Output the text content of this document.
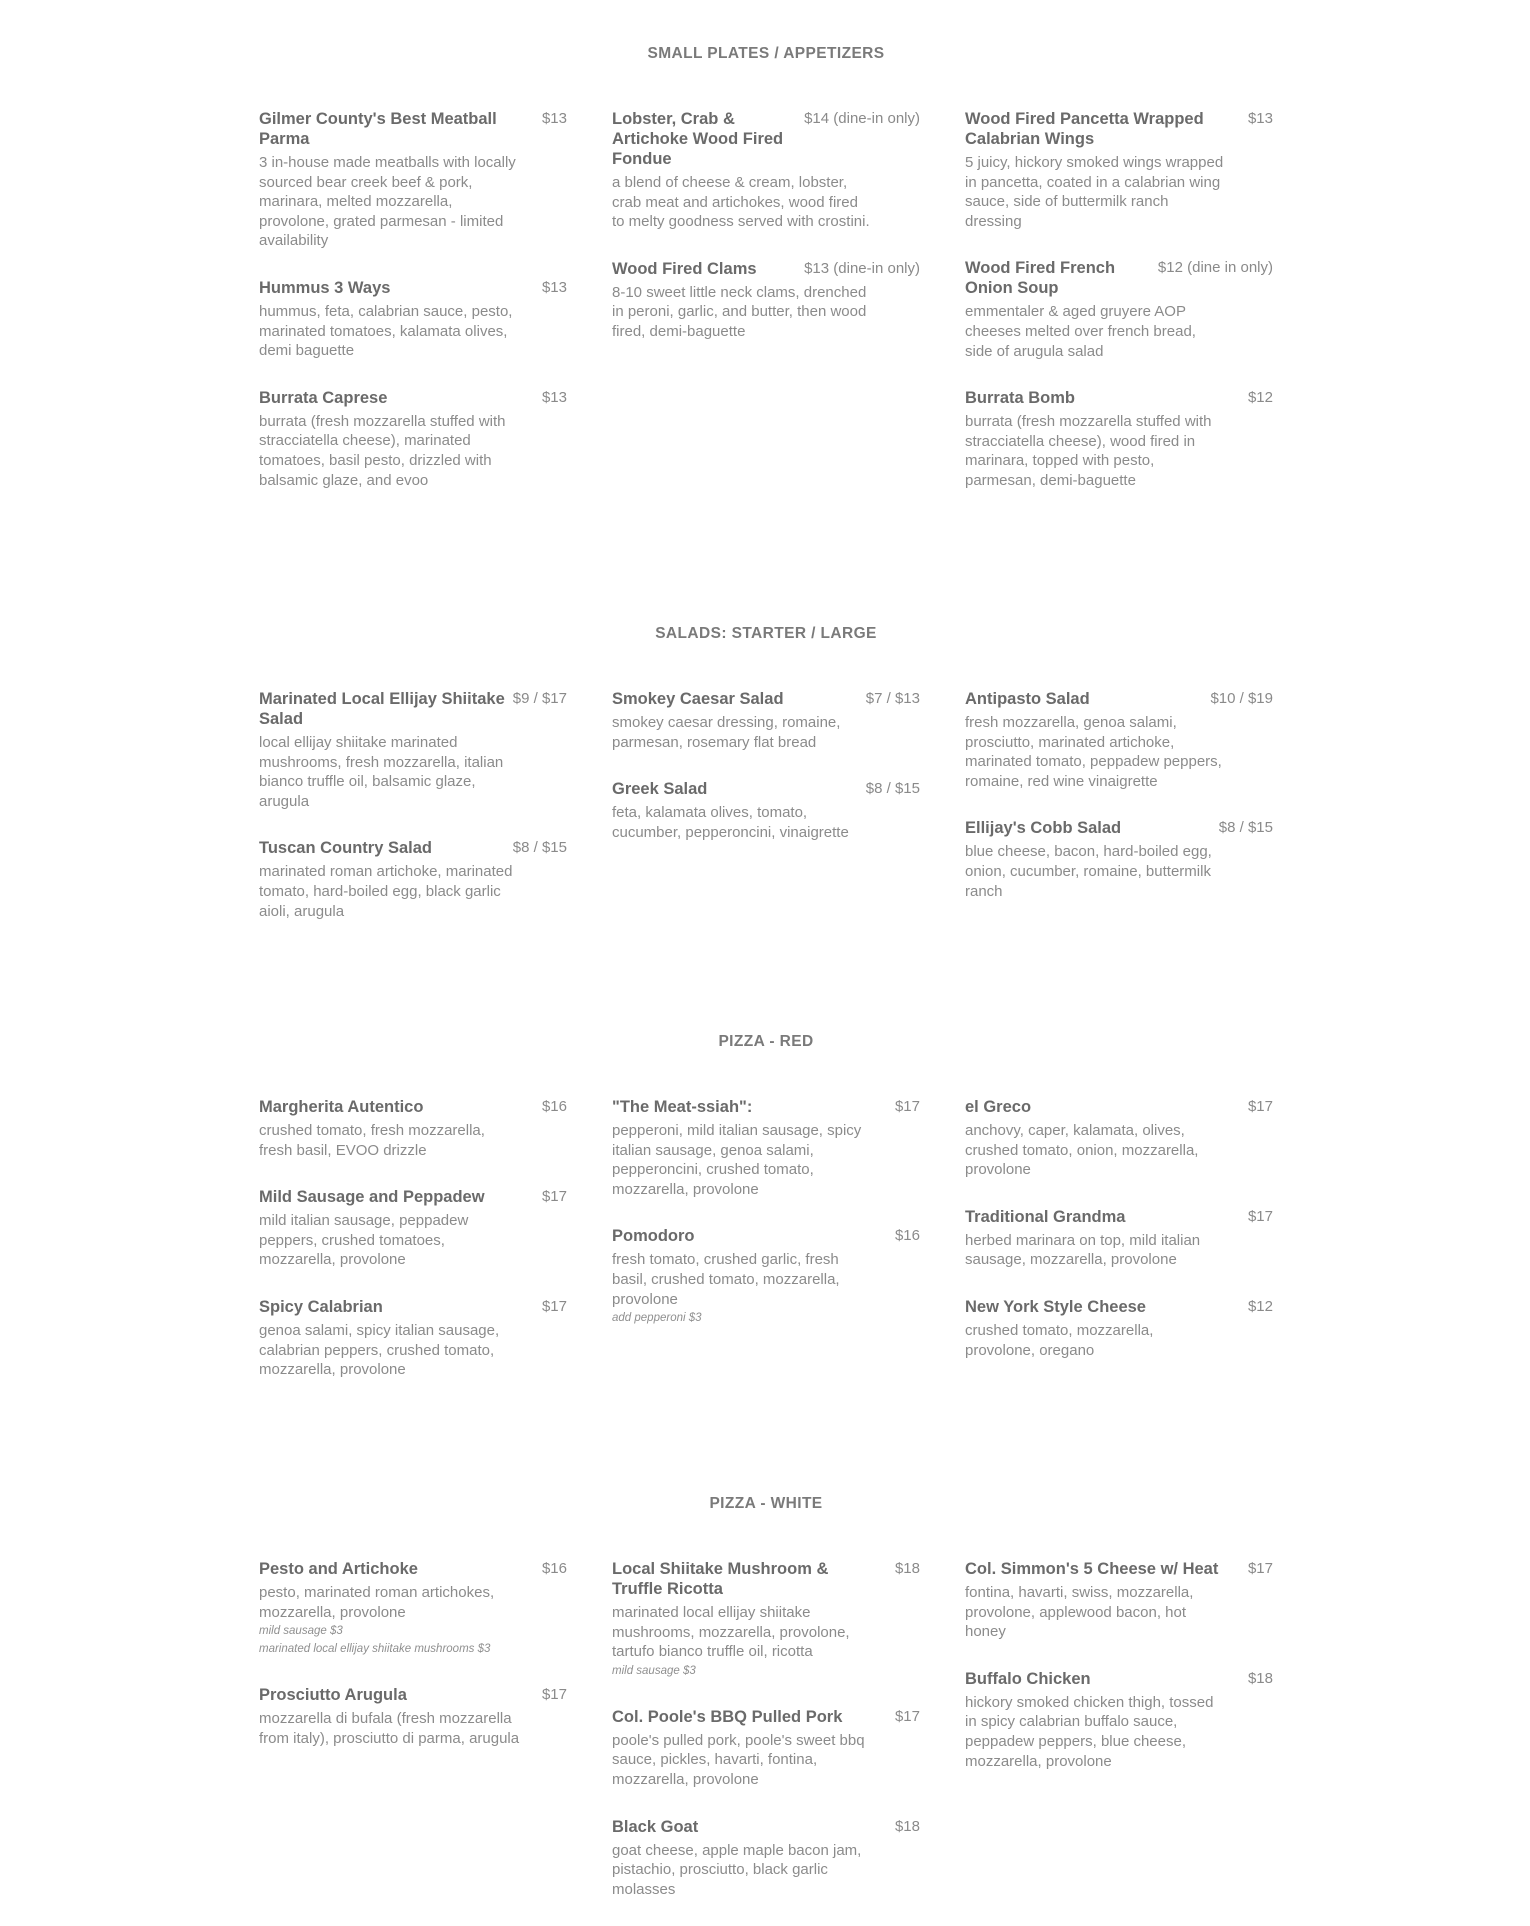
SMALL PLATES / APPETIZERS
Gilmer County's Best Meatball Parma
$13
3 in-house made meatballs with locally sourced bear creek beef & pork, marinara, melted mozzarella, provolone, grated parmesan - limited availability
Hummus 3 Ways	$13
hummus, feta, calabrian sauce, pesto, marinated tomatoes, kalamata olives, demi baguette
Burrata Caprese	$13
burrata (fresh mozzarella stuffed with stracciatella cheese), marinated tomatoes, basil pesto, drizzled with balsamic glaze, and evoo
Lobster, Crab & Artichoke Wood Fired Fondue
$14 (dine-in only)
a blend of cheese & cream, lobster, crab meat and artichokes, wood fired to melty goodness served with crostini.
Wood Fired Clams	$13 (dine-in only)
8-10 sweet little neck clams, drenched in peroni, garlic, and butter, then wood fired, demi-baguette
Wood Fired Pancetta Wrapped Calabrian Wings
$13
5 juicy, hickory smoked wings wrapped in pancetta, coated in a calabrian wing sauce, side of buttermilk ranch dressing
Wood Fired French Onion Soup
$12 (dine in only)
emmentaler & aged gruyere AOP cheeses melted over french bread, side of arugula salad
Burrata Bomb	$12
burrata (fresh mozzarella stuffed with stracciatella cheese), wood fired in marinara, topped with pesto, parmesan, demi-baguette
SALADS: STARTER / LARGE
Marinated Local Ellijay Shiitake Salad
$9 / $17
local ellijay shiitake marinated mushrooms, fresh mozzarella, italian bianco truffle oil, balsamic glaze, arugula
Tuscan Country Salad	$8 / $15
marinated roman artichoke, marinated tomato, hard-boiled egg, black garlic aioli, arugula
Smokey Caesar Salad	$7 / $13
smokey caesar dressing, romaine, parmesan, rosemary flat bread
Greek Salad	$8 / $15
feta, kalamata olives, tomato, cucumber, pepperoncini, vinaigrette
Antipasto Salad	$10 / $19
fresh mozzarella, genoa salami, prosciutto, marinated artichoke, marinated tomato, peppadew peppers, romaine, red wine vinaigrette
Ellijay's Cobb Salad	$8 / $15
blue cheese, bacon, hard-boiled egg, onion, cucumber, romaine, buttermilk ranch
PIZZA - RED
Margherita Autentico	$16
crushed tomato, fresh mozzarella, fresh basil, EVOO drizzle
Mild Sausage and Peppadew	$17
mild italian sausage, peppadew peppers, crushed tomatoes, mozzarella, provolone
Spicy Calabrian	$17
genoa salami, spicy italian sausage, calabrian peppers, crushed tomato, mozzarella, provolone
"The Meat-ssiah":	$17
pepperoni, mild italian sausage, spicy italian sausage, genoa salami, pepperoncini, crushed tomato, mozzarella, provolone
Pomodoro	$16
fresh tomato, crushed garlic, fresh basil, crushed tomato, mozzarella, provolone
add pepperoni $3
el Greco	$17
anchovy, caper, kalamata, olives, crushed tomato, onion, mozzarella, provolone
Traditional Grandma	$17
herbed marinara on top, mild italian sausage, mozzarella, provolone
New York Style Cheese	$12
crushed tomato, mozzarella, provolone, oregano
PIZZA - WHITE
Pesto and Artichoke	$16
pesto, marinated roman artichokes, mozzarella, provolone
mild sausage $3
marinated local ellijay shiitake mushrooms $3
Prosciutto Arugula	$17
mozzarella di bufala (fresh mozzarella from italy), prosciutto di parma, arugula
Local Shiitake Mushroom & Truffle Ricotta
$18
marinated local ellijay shiitake mushrooms, mozzarella, provolone, tartufo bianco truffle oil, ricotta
mild sausage $3
Col. Poole's BBQ Pulled Pork	$17
poole's pulled pork, poole's sweet bbq sauce, pickles, havarti, fontina, mozzarella, provolone
Black Goat	$18
goat cheese, apple maple bacon jam, pistachio, prosciutto, black garlic molasses
Col. Simmon's 5 Cheese w/ Heat	$17
fontina, havarti, swiss, mozzarella, provolone, applewood bacon, hot honey
Buffalo Chicken	$18
hickory smoked chicken thigh, tossed in spicy calabrian buffalo sauce, peppadew peppers, blue cheese, mozzarella, provolone
